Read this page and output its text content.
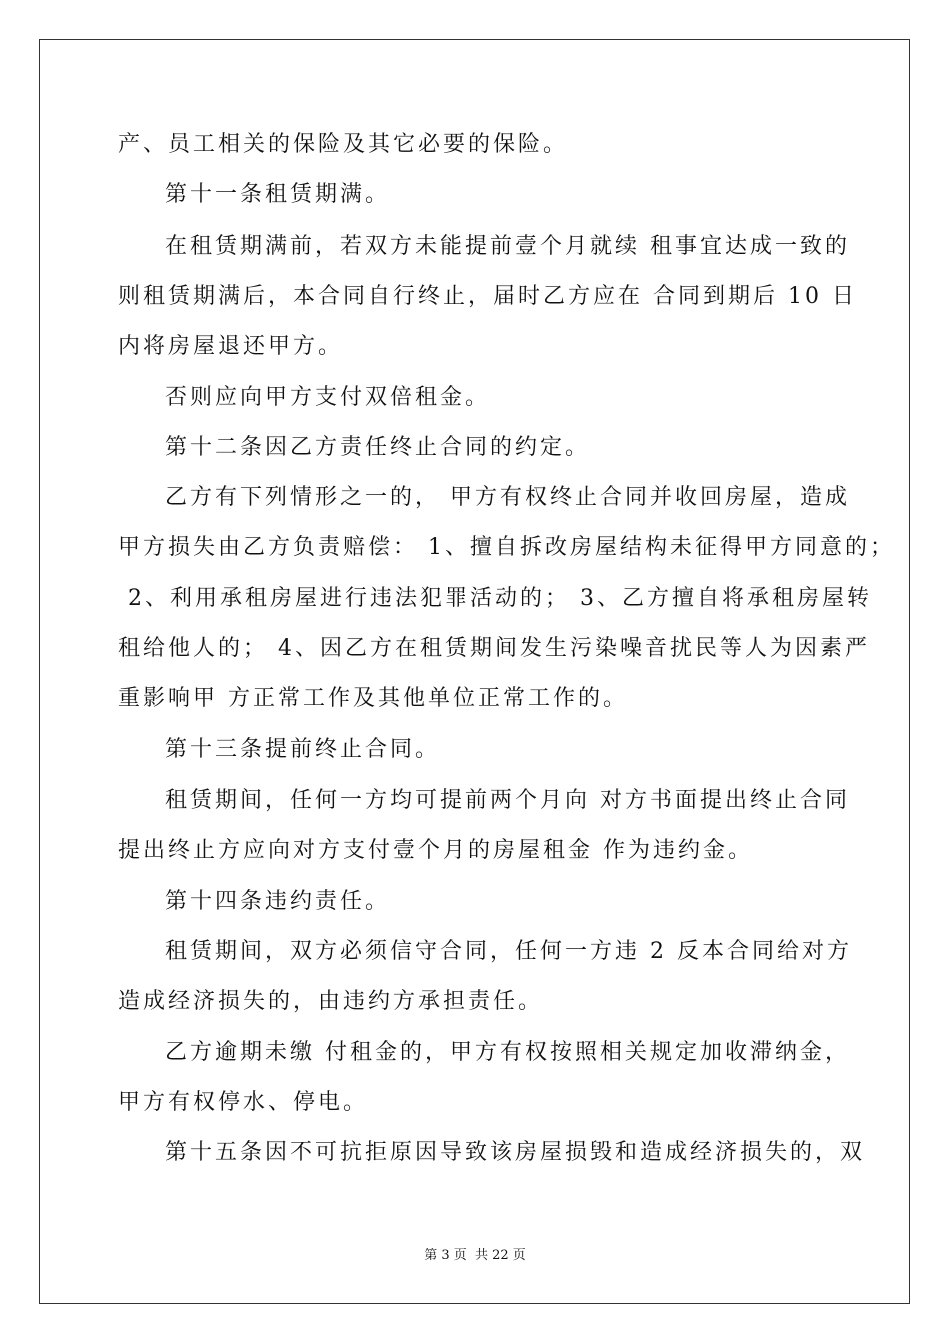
产、员工相关的保险及其它必要的保险。
第十一条租赁期满。
在租赁期满前，若双方未能提前壹个月就续 租事宜达成一致的
则租赁期满后，本合同自行终止，届时乙方应在 合同到期后 10 日
内将房屋退还甲方。
否则应向甲方支付双倍租金。
第十二条因乙方责任终止合同的约定。
乙方有下列情形之一的， 甲方有权终止合同并收回房屋，造成
甲方损失由乙方负责赔偿： 1、擅自拆改房屋结构未征得甲方同意的；
2、利用承租房屋进行违法犯罪活动的； 3、乙方擅自将承租房屋转
租给他人的； 4、因乙方在租赁期间发生污染噪音扰民等人为因素严
重影响甲 方正常工作及其他单位正常工作的。
第十三条提前终止合同。
租赁期间，任何一方均可提前两个月向 对方书面提出终止合同
提出终止方应向对方支付壹个月的房屋租金 作为违约金。
第十四条违约责任。
租赁期间，双方必须信守合同，任何一方违 2 反本合同给对方
造成经济损失的，由违约方承担责任。
乙方逾期未缴 付租金的，甲方有权按照相关规定加收滞纳金，
甲方有权停水、停电。
第十五条因不可抗拒原因导致该房屋损毁和造成经济损失的，双
第 3 页  共 22 页
